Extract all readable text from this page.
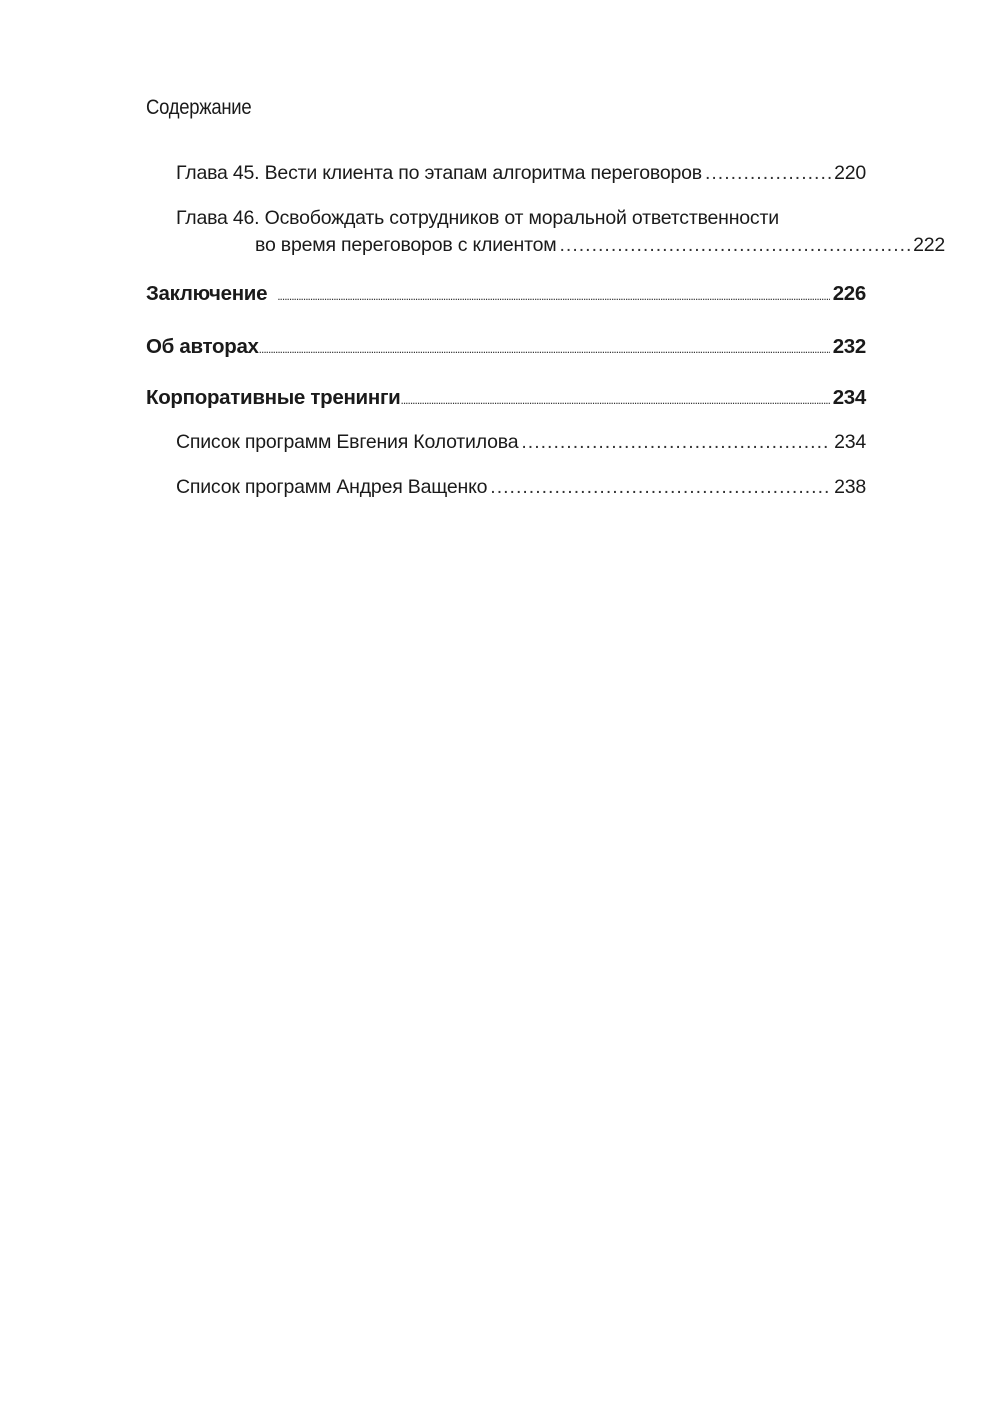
Содержание
Глава 45. Вести клиента по этапам алгоритма переговоров .....	220
Глава 46. Освобождать сотрудников от моральной ответственности
во время переговоров с клиентом .....	222
Заключение .....	226
Об авторах .....	232
Корпоративные тренинги .....	234
Список программ Евгения Колотилова .....	234
Список программ Андрея Ващенко .....	238
